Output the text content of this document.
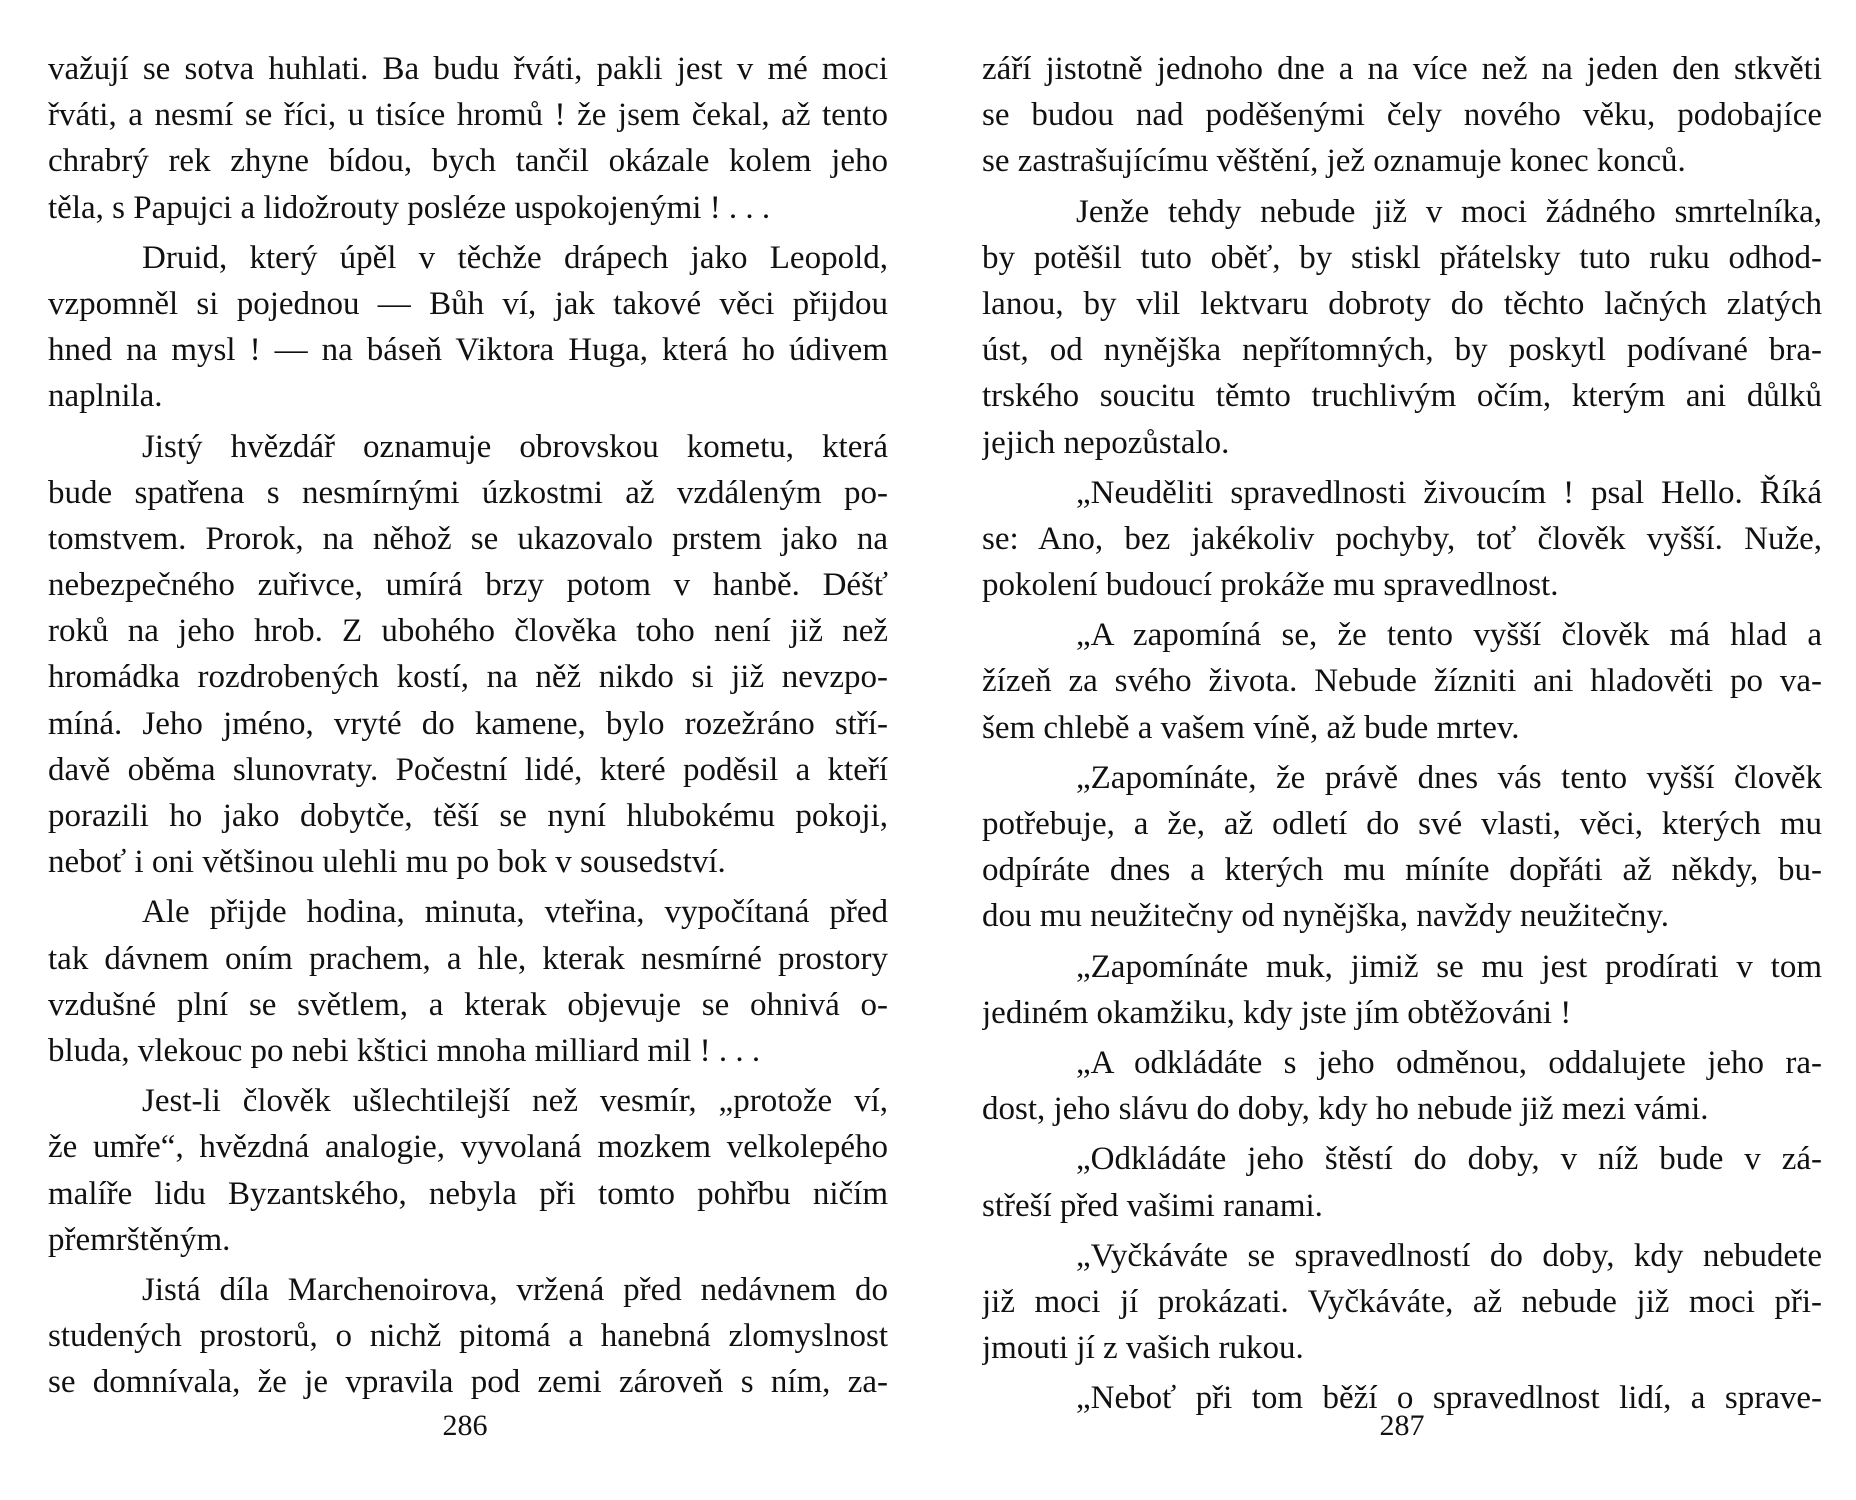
važují se sotva huhlati. Ba budu řváti, pakli jest v mé moci
řváti, a nesmí se říci, u tisíce hromů ! že jsem čekal, až tento
chrabrý rek zhyne bídou, bych tančil okázale kolem jeho
těla, s Papujci a lidožrouty posléze uspokojenými ! . . .

Druid, který úpěl v těchže drápech jako Leopold,
vzpomněl si pojednou — Bůh ví, jak takové věci přijdou
hned na mysl ! — na báseň Viktora Huga, která ho údivem
naplnila.

Jistý hvězdář oznamuje obrovskou kometu, která
bude spatřena s nesmírnými úzkostmi až vzdáleným po-
tomstvem. Prorok, na něhož se ukazovalo prstem jako na
nebezpečného zuřivce, umírá brzy potom v hanbě. Déšť
roků na jeho hrob. Z ubohého člověka toho není již než
hromádka rozdrobených kostí, na něž nikdo si již nevzpo-
míná. Jeho jméno, vryté do kamene, bylo rozežráno stří-
davě oběma slunovraty. Počestní lidé, které poděsil a kteří
porazili ho jako dobytče, těší se nyní hlubokému pokoji,
neboť i oni většinou ulehli mu po bok v sousedství.

Ale přijde hodina, minuta, vteřina, vypočítaná před
tak dávnem oním prachem, a hle, kterak nesmírné prostory
vzdušné plní se světlem, a kterak objevuje se ohnivá o-
bluda, vlekouc po nebi kštici mnoha milliard mil ! . . .

Jest-li člověk ušlechtilejší než vesmír, „protože ví,
že umře“, hvězdná analogie, vyvolaná mozkem velkolepého
malíře lidu Byzantského, nebyla při tomto pohřbu ničím
přemrštěným.

Jistá díla Marchenoirova, vržená před nedávnem do
studených prostorů, o nichž pitomá a hanebná zlomyslnost
se domnívala, že je vpravila pod zemi zároveň s ním, za-

286

září jistotně jednoho dne a na více než na jeden den stkvěti
se budou nad poděšenými čely nového věku, podobajíce
se zastrašujícímu věštění, jež oznamuje konec konců.

Jenže tehdy nebude již v moci žádného smrtelníka,
by potěšil tuto oběť, by stiskl přátelsky tuto ruku odhod-
lanou, by vlil lektvaru dobroty do těchto lačných zlatých
úst, od nynějška nepřítomných, by poskytl podívané bra-
trského soucitu těmto truchlivým očím, kterým ani důlků
jejich nepozůstalo.

„Neuděliti spravedlnosti živoucím ! psal Hello. Říká
se: Ano, bez jakékoliv pochyby, toť člověk vyšší. Nuže,
pokolení budoucí prokáže mu spravedlnost.

„A zapomíná se, že tento vyšší člověk má hlad a
žízeň za svého života. Nebude žízniti ani hladověti po va-
šem chlebě a vašem víně, až bude mrtev.

„Zapomínáte, že právě dnes vás tento vyšší člověk
potřebuje, a že, až odletí do své vlasti, věci, kterých mu
odpíráte dnes a kterých mu míníte dopřáti až někdy, bu-
dou mu neužitečny od nynějška, navždy neužitečny.

„Zapomínáte muk, jimiž se mu jest prodírati v tom
jediném okamžiku, kdy jste jím obtěžováni !

„A odkládáte s jeho odměnou, oddalujete jeho ra-
dost, jeho slávu do doby, kdy ho nebude již mezi vámi.

„Odkládáte jeho štěstí do doby, v níž bude v zá-
střeší před vašimi ranami.

„Vyčkáváte se spravedlností do doby, kdy nebudete
již moci jí prokázati. Vyčkáváte, až nebude již moci při-
jmouti jí z vašich rukou.

„Neboť při tom běží o spravedlnost lidí, a sprave-

287
